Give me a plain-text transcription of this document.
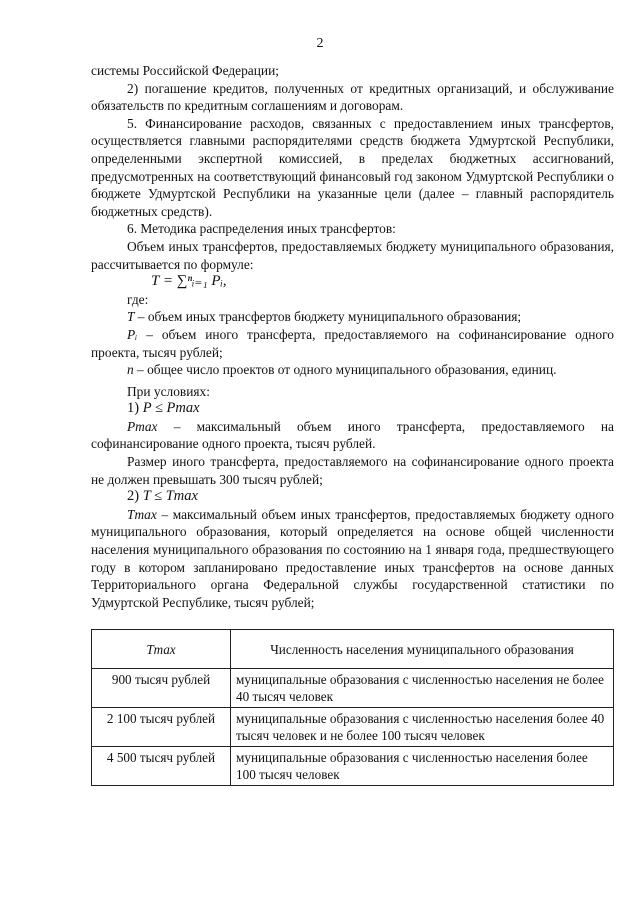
2

системы Российской Федерации;

2) погашение кредитов, полученных от кредитных организаций, и обслуживание обязательств по кредитным соглашениям и договорам.

5. Финансирование расходов, связанных с предоставлением иных трансфертов, осуществляется главными распорядителями средств бюджета Удмуртской Республики, определенными экспертной комиссией, в пределах бюджетных ассигнований, предусмотренных на соответствующий финансовый год законом Удмуртской Республики о бюджете Удмуртской Республики на указанные цели (далее – главный распорядитель бюджетных средств).

6. Методика распределения иных трансфертов:

Объем иных трансфертов, предоставляемых бюджету муниципального образования, рассчитывается по формуле:

T = ∑ⁿᵢ₌₁ Pᵢ,

где:

T – объем иных трансфертов бюджету муниципального образования;

Pᵢ – объем иного трансферта, предоставляемого на софинансирование одного проекта, тысяч рублей;

n – общее число проектов от одного муниципального образования, единиц.

При условиях:

1) P ≤ Pmax

Pmax – максимальный объем иного трансферта, предоставляемого на софинансирование одного проекта, тысяч рублей.

Размер иного трансферта, предоставляемого на софинансирование одного проекта не должен превышать 300 тысяч рублей;

2) T ≤ Tmax

Tmax – максимальный объем иных трансфертов, предоставляемых бюджету одного муниципального образования, который определяется на основе общей численности населения муниципального образования по состоянию на 1 января года, предшествующего году в котором запланировано предоставление иных трансфертов на основе данных Территориального органа Федеральной службы государственной статистики по Удмуртской Республике, тысяч рублей;

Tmax	Численность населения муниципального образования
900 тысяч рублей	муниципальные образования с численностью населения не более 40 тысяч человек
2 100 тысяч рублей	муниципальные образования с численностью населения более 40 тысяч человек и не более 100 тысяч человек
4 500 тысяч рублей	муниципальные образования с численностью населения более 100 тысяч человек
